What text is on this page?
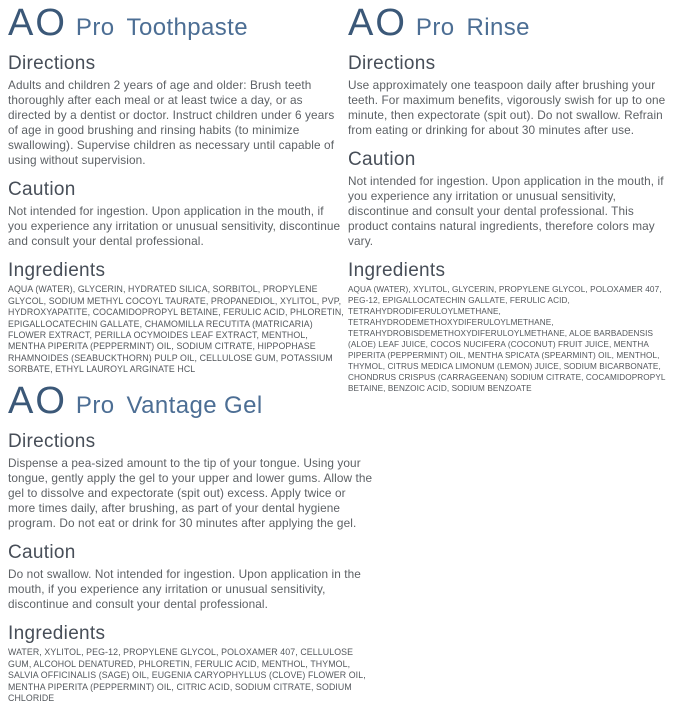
AO Pro Toothpaste
Directions

Adults and children 2 years of age and older: Brush teeth thoroughly after each meal or at least twice a day, or as directed by a dentist or doctor. Instruct children under 6 years of age in good brushing and rinsing habits (to minimize swallowing). Supervise children as necessary until capable of using without supervision.

Caution

Not intended for ingestion. Upon application in the mouth, if you experience any irritation or unusual sensitivity, discontinue and consult your dental professional.

Ingredients

AQUA (WATER), GLYCERIN, HYDRATED SILICA, SORBITOL, PROPYLENE GLYCOL, SODIUM METHYL COCOYL TAURATE, PROPANEDIOL, XYLITOL, PVP, HYDROXYAPATITE, COCAMIDOPROPYL BETAINE, FERULIC ACID, PHLORETIN, EPIGALLOCATECHIN GALLATE, CHAMOMILLA RECUTITA (MATRICARIA) FLOWER EXTRACT, PERILLA OCYMOIDES LEAF EXTRACT, MENTHOL, MENTHA PIPERITA (PEPPERMINT) OIL, SODIUM CITRATE, HIPPOPHASE RHAMNOIDES (SEABUCKTHORN) PULP OIL, CELLULOSE GUM, POTASSIUM SORBATE, ETHYL LAUROYL ARGINATE HCL

AO Pro Rinse
Directions

Use approximately one teaspoon daily after brushing your teeth. For maximum benefits, vigorously swish for up to one minute, then expectorate (spit out). Do not swallow. Refrain from eating or drinking for about 30 minutes after use.

Caution

Not intended for ingestion. Upon application in the mouth, if you experience any irritation or unusual sensitivity, discontinue and consult your dental professional. This product contains natural ingredients, therefore colors may vary.

Ingredients

AQUA (WATER), XYLITOL, GLYCERIN, PROPYLENE GLYCOL, POLOXAMER 407, PEG-12, EPIGALLOCATECHIN GALLATE, FERULIC ACID, TETRAHYDRODIFERULOYLMETHANE, TETRAHYDRODEMETHOXYDIFERULOYLMETHANE, TETRAHYDROBISDEMETHOXYDIFERULOYLMETHANE, ALOE BARBADENSIS (ALOE) LEAF JUICE, COCOS NUCIFERA (COCONUT) FRUIT JUICE, MENTHA PIPERITA (PEPPERMINT) OIL, MENTHA SPICATA (SPEARMINT) OIL, MENTHOL, THYMOL, CITRUS MEDICA LIMONUM (LEMON) JUICE, SODIUM BICARBONATE, CHONDRUS CRISPUS (CARRAGEENAN) SODIUM CITRATE, COCAMIDOPROPYL BETAINE, BENZOIC ACID, SODIUM BENZOATE

AO Pro Vantage Gel
Directions

Dispense a pea-sized amount to the tip of your tongue. Using your tongue, gently apply the gel to your upper and lower gums. Allow the gel to dissolve and expectorate (spit out) excess. Apply twice or more times daily, after brushing, as part of your dental hygiene program. Do not eat or drink for 30 minutes after applying the gel.

Caution

Do not swallow. Not intended for ingestion. Upon application in the mouth, if you experience any irritation or unusual sensitivity, discontinue and consult your dental professional.

Ingredients

WATER, XYLITOL, PEG-12, PROPYLENE GLYCOL, POLOXAMER 407, CELLULOSE GUM, ALCOHOL DENATURED, PHLORETIN, FERULIC ACID, MENTHOL, THYMOL, SALVIA OFFICINALIS (SAGE) OIL, EUGENIA CARYOPHYLLUS (CLOVE) FLOWER OIL, MENTHA PIPERITA (PEPPERMINT) OIL, CITRIC ACID, SODIUM CITRATE, SODIUM CHLORIDE
